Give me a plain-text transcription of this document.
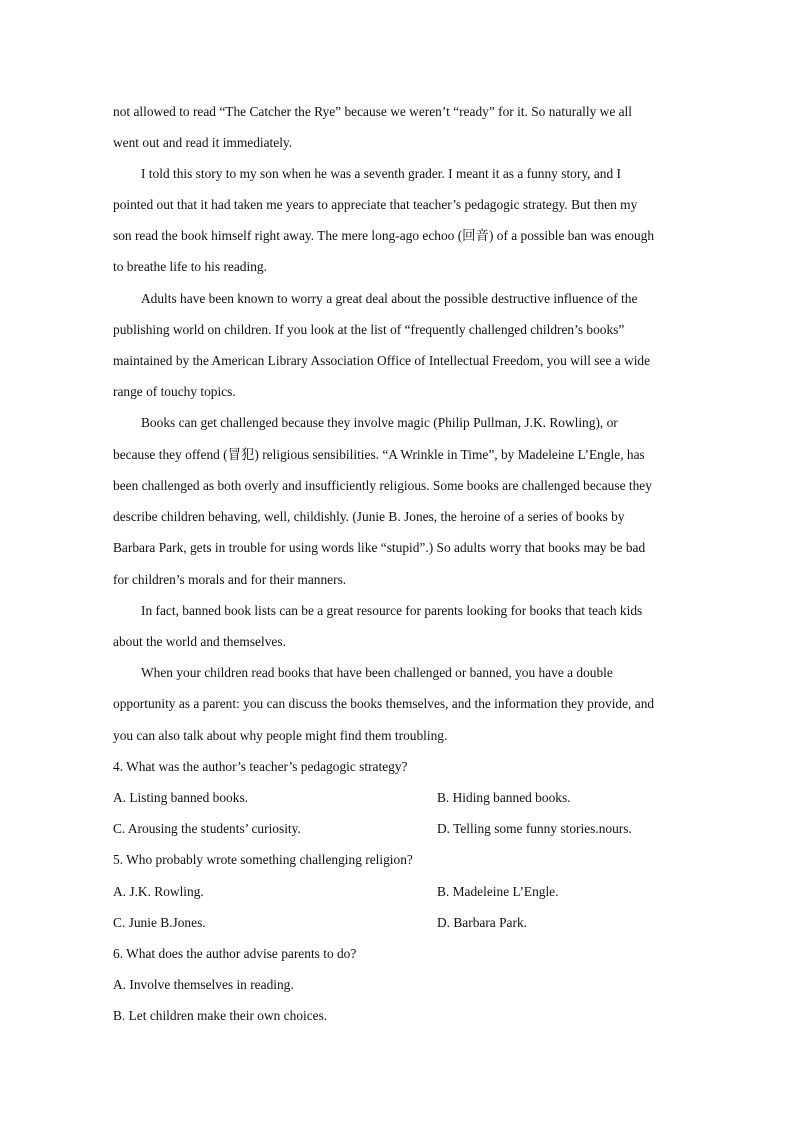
not allowed to read “The Catcher the Rye” because we weren’t “ready” for it. So naturally we all
went out and read it immediately.
I told this story to my son when he was a seventh grader. I meant it as a funny story, and I
pointed out that it had taken me years to appreciate that teacher’s pedagogic strategy. But then my
son read the book himself right away. The mere long-ago echoo (回音) of a possible ban was enough
to breathe life to his reading.
Adults have been known to worry a great deal about the possible destructive influence of the
publishing world on children. If you look at the list of “frequently challenged children’s books”
maintained by the American Library Association Office of Intellectual Freedom, you will see a wide
range of touchy topics.
Books can get challenged because they involve magic (Philip Pullman, J.K. Rowling), or
because they offend (冒犯) religious sensibilities. “A Wrinkle in Time”, by Madeleine L’Engle, has
been challenged as both overly and insufficiently religious. Some books are challenged because they
describe children behaving, well, childishly. (Junie B. Jones, the heroine of a series of books by
Barbara Park, gets in trouble for using words like “stupid”.) So adults worry that books may be bad
for children’s morals and for their manners.
In fact, banned book lists can be a great resource for parents looking for books that teach kids
about the world and themselves.
When your children read books that have been challenged or banned, you have a double
opportunity as a parent: you can discuss the books themselves, and the information they provide, and
you can also talk about why people might find them troubling.
4. What was the author’s teacher’s pedagogic strategy?
A. Listing banned books.	B. Hiding banned books.
C. Arousing the students’ curiosity.	D. Telling some funny stories.nours.
5. Who probably wrote something challenging religion?
A. J.K. Rowling.	B. Madeleine L’Engle.
C. Junie B.Jones.	D. Barbara Park.
6. What does the author advise parents to do?
A. Involve themselves in reading.
B. Let children make their own choices.
